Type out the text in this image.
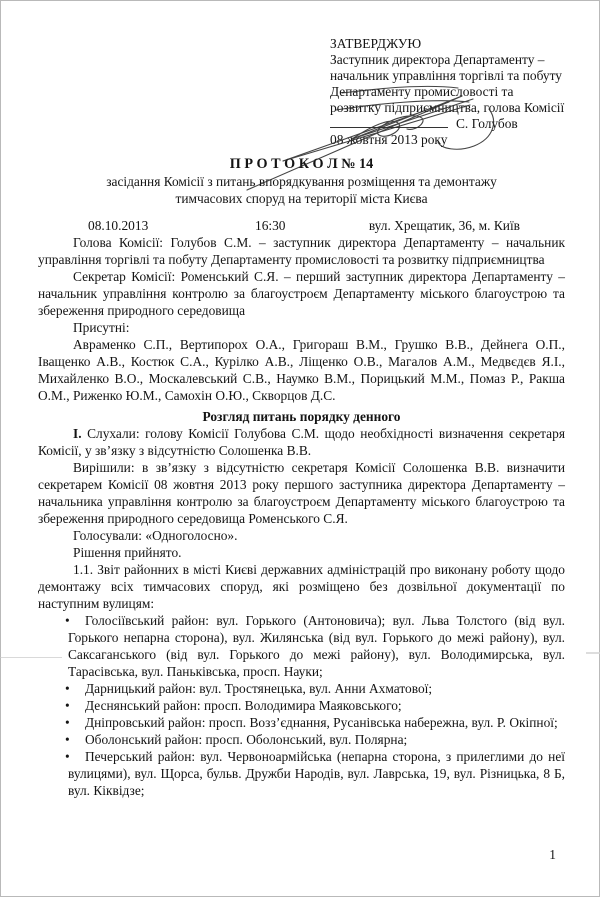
ЗАТВЕРДЖУЮ
Заступник директора Департаменту –
начальник управління торгівлі та побуту
Департаменту промисловості та
розвитку підприємництва, голова Комісії
С. Голубов
08 жовтня 2013 року
П Р О Т О К О Л № 14
засідання Комісії з питань впорядкування розміщення та демонтажу
тимчасових споруд на території міста Києва
08.10.2013	16:30	вул. Хрещатик, 36, м. Київ

Голова Комісії: Голубов С.М. – заступник директора Департаменту – начальник управління торгівлі та побуту Департаменту промисловості та розвитку підприємництва

Секретар Комісії: Роменський С.Я. – перший заступник директора Департаменту – начальник управління контролю за благоустроєм Департаменту міського благоустрою та збереження природного середовища

Присутні:

Авраменко С.П., Вертипорох О.А., Григораш В.М., Грушко В.В., Дейнега О.П., Іващенко А.В., Костюк С.А., Курілко А.В., Ліщенко О.В., Магалов А.М., Медвєдєв Я.І., Михайленко В.О., Москалевський С.В., Наумко В.М., Порицький М.М., Помаз Р., Ракша О.М., Риженко Ю.М., Самохін О.Ю., Скворцов Д.С.

Розгляд питань порядку денного

І. Слухали: голову Комісії Голубова С.М. щодо необхідності визначення секретаря Комісії, у зв’язку з відсутністю Солошенка В.В.

Вирішили: в зв’язку з відсутністю секретаря Комісії Солошенка В.В. визначити секретарем Комісії 08 жовтня 2013 року першого заступника директора Департаменту – начальника управління контролю за благоустроєм Департаменту міського благоустрою та збереження природного середовища Роменського С.Я.

Голосували: «Одноголосно».

Рішення прийнято.

1.1. Звіт районних в місті Києві державних адміністрацій про виконану роботу щодо демонтажу всіх тимчасових споруд, які розміщено без дозвільної документації по наступним вулицям:

• Голосіївський район: вул. Горького (Антоновича); вул. Льва Толстого (від вул. Горького непарна сторона), вул. Жилянська (від вул. Горького до межі району), вул. Саксаганського (від вул. Горького до межі району), вул. Володимирська, вул. Тарасівська, вул. Паньківська, просп. Науки;
• Дарницький район: вул. Тростянецька, вул. Анни Ахматової;
• Деснянський район: просп. Володимира Маяковського;
• Дніпровський район: просп. Возз’єднання, Русанівська набережна, вул. Р. Окіпної;
• Оболонський район: просп. Оболонський, вул. Полярна;
• Печерський район: вул. Червоноармійська (непарна сторона, з прилеглими до неї вулицями), вул. Щорса, бульв. Дружби Народів, вул. Лаврська, 19, вул. Різницька, 8 Б, вул. Кіквідзе;
1
